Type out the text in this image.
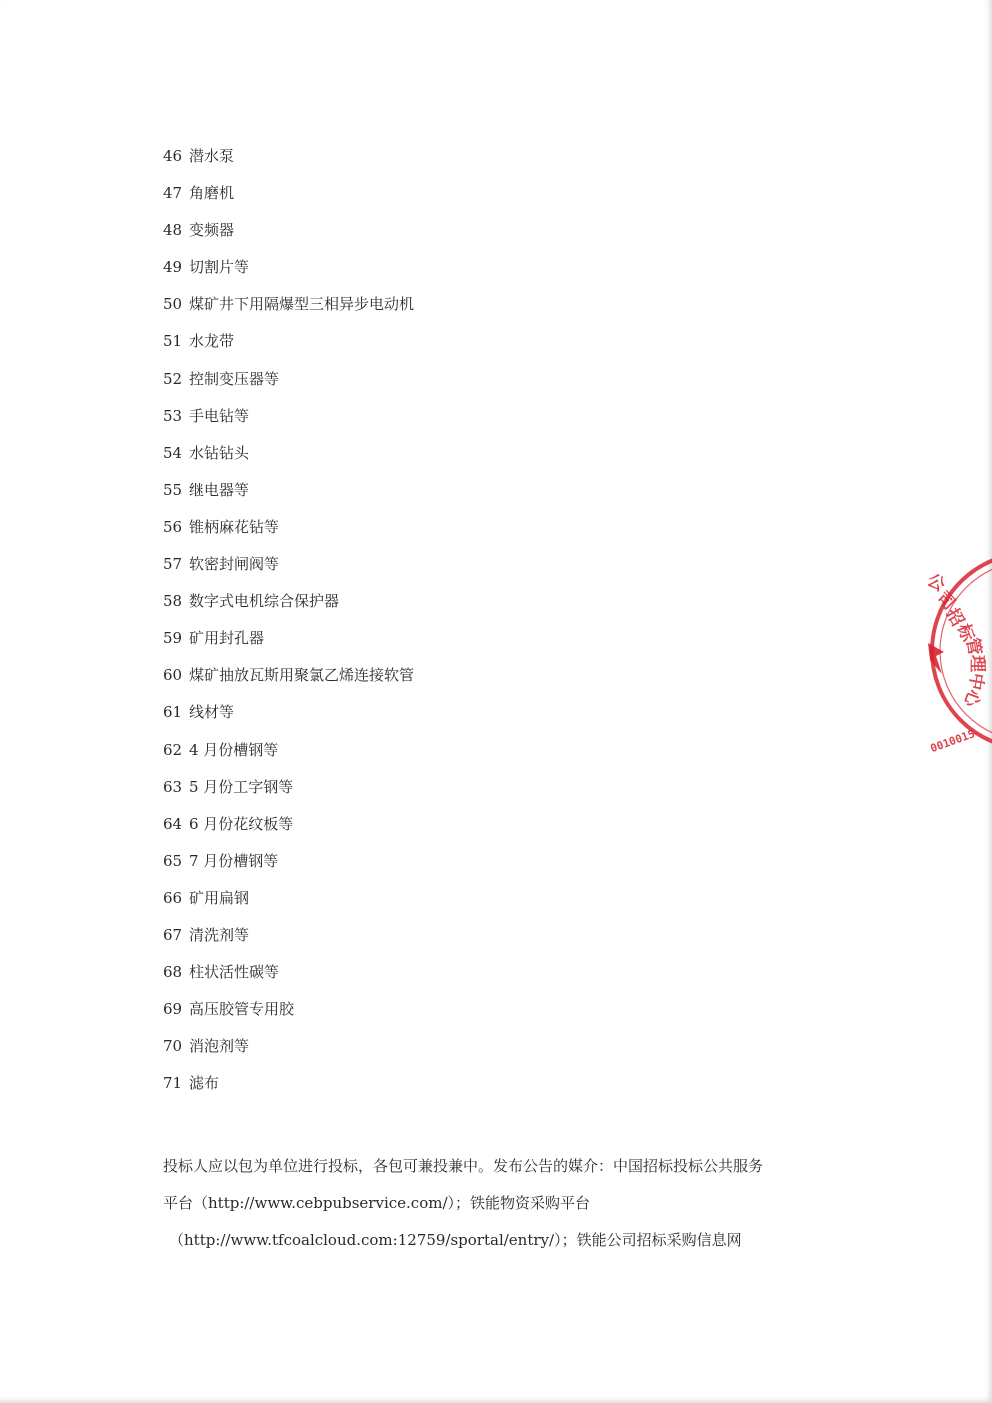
46 潜水泵
47 角磨机
48 变频器
49 切割片等
50 煤矿井下用隔爆型三相异步电动机
51 水龙带
52 控制变压器等
53 手电钻等
54 水钻钻头
55 继电器等
56 锥柄麻花钻等
57 软密封闸阀等
58 数字式电机综合保护器
59 矿用封孔器
60 煤矿抽放瓦斯用聚氯乙烯连接软管
61 线材等
62 4 月份槽钢等
63 5 月份工字钢等
64 6 月份花纹板等
65 7 月份槽钢等
66 矿用扁钢
67 清洗剂等
68 柱状活性碳等
69 高压胶管专用胶
70 消泡剂等
71 滤布
投标人应以包为单位进行投标，各包可兼投兼中。发布公告的媒介：中国招标投标公共服务
平台（http://www.cebpubservice.com/）；铁能物资采购平台
（http://www.tfcoalcloud.com:12759/sportal/entry/）；铁能公司招标采购信息网
公
司
招
标
管
理
中
心
0010015
